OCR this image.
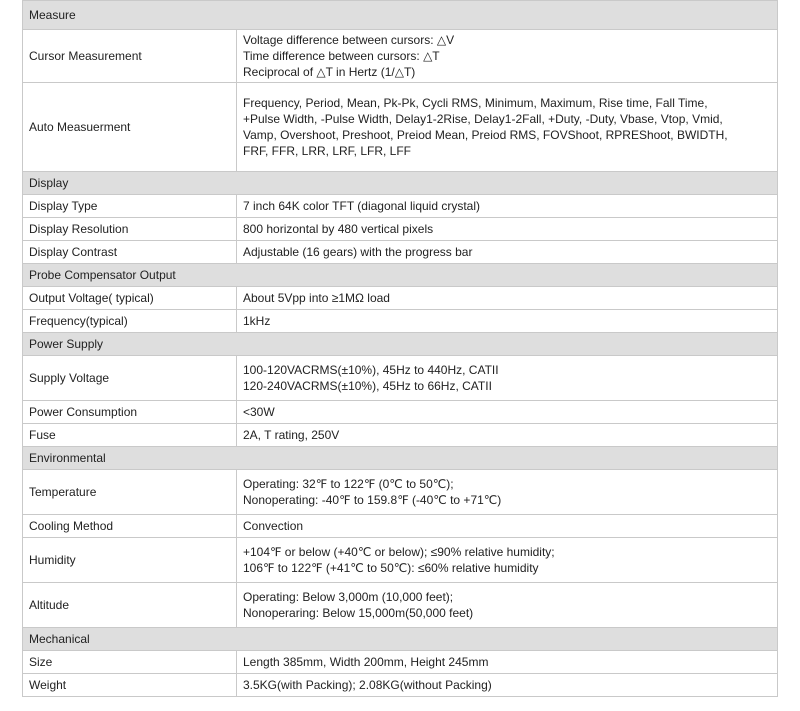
Measure	
Cursor Measurement	Voltage difference between cursors: △V
Time difference between cursors: △T
Reciprocal of △T in Hertz (1/△T)

Auto Measuerment	Frequency, Period, Mean, Pk-Pk, Cycli RMS, Minimum, Maximum, Rise time, Fall Time,
+Pulse Width, -Pulse Width, Delay1-2Rise, Delay1-2Fall, +Duty, -Duty, Vbase, Vtop, Vmid,
Vamp, Overshoot, Preshoot, Preiod Mean, Preiod RMS, FOVShoot, RPREShoot, BWIDTH,
FRF, FFR, LRR, LRF, LFR, LFF

Display	
Display Type	7 inch 64K color TFT (diagonal liquid crystal)

Display Resolution	800 horizontal by 480 vertical pixels

Display Contrast	Adjustable (16 gears) with the progress bar

Probe Compensator Output	
Output Voltage( typical)	About 5Vpp into ≥1MΩ load

Frequency(typical)	1kHz

Power Supply	
Supply Voltage	100-120VACRMS(±10%), 45Hz to 440Hz, CATII
120-240VACRMS(±10%), 45Hz to 66Hz, CATII

Power Consumption	<30W

Fuse	2A, T rating, 250V

Environmental	
Temperature	Operating: 32℉ to 122℉ (0℃ to 50℃);
Nonoperating: -40℉ to 159.8℉ (-40℃ to +71℃)

Cooling Method	Convection

Humidity	+104℉ or below (+40℃ or below); ≤90% relative humidity;
106℉ to 122℉ (+41℃ to 50℃): ≤60% relative humidity

Altitude	Operating: Below 3,000m (10,000 feet);
Nonoperaring: Below 15,000m(50,000 feet)

Mechanical	
Size	Length 385mm, Width 200mm, Height 245mm

Weight	3.5KG(with Packing); 2.08KG(without Packing)
